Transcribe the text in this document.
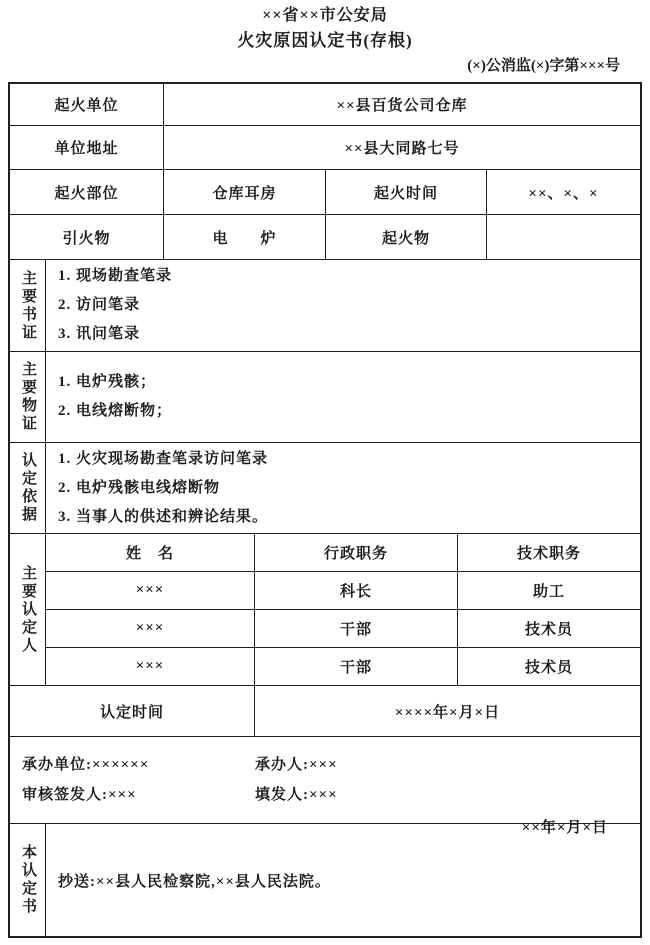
××省××市公安局
火灾原因认定书(存根)
(×)公消监(×)字第×××号
起火单位	××县百货公司仓库
单位地址	××县大同路七号
起火部位	仓库耳房	起火时间	××、×、×
引火物	电　　炉	起火物
主要书证 1. 现场勘查笔录
2. 访问笔录
3. 讯问笔录
主要物证 1. 电炉残骸；
2. 电线熔断物；
认定依据 1. 火灾现场勘查笔录访问笔录
2. 电炉残骸电线熔断物
3. 当事人的供述和辨论结果。
主要认定人
姓　名	行政职务	技术职务
×××	科长	助工
×××	干部	技术员
×××	干部	技术员
认定时间	××××年×月×日
承办单位:××××××	承办人:×××
审核签发人:×××	填发人:×××
××年×月×日
本认定书	抄送:××县人民检察院,××县人民法院。
